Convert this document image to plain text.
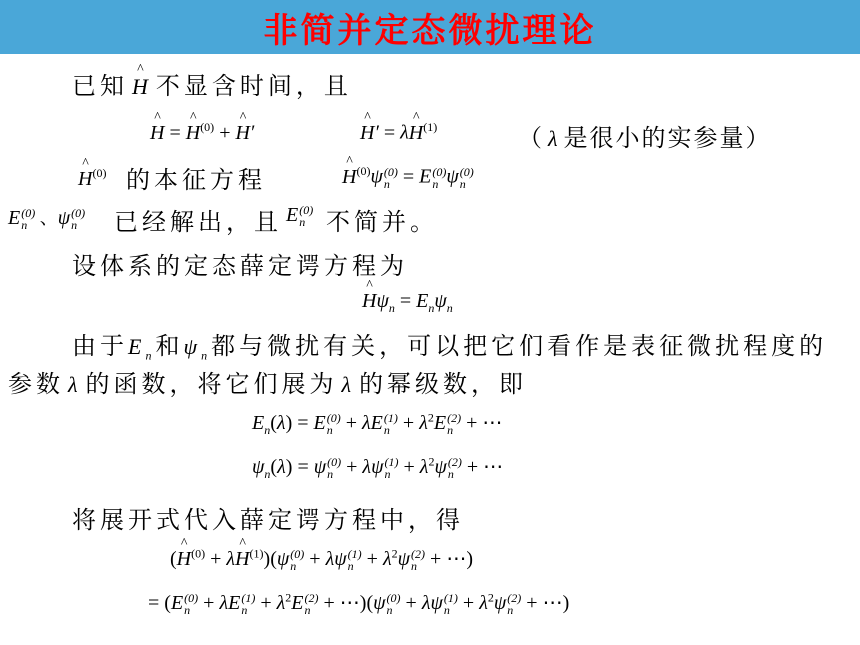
非简并定态微扰理论
已知 ^ H 不显含时间，且
^ H = ^ $H^{(0)}$ + ^ H′	^ H′ = λ^ $H^{(1)}$	（ λ 是很小的实参量）
^ $H^{(0)}$ 的本征方程	^ $H^{(0)}\psi$ (0)
n = E (0)
n ψ (0)
n
E (0)
n 、ψ (0)
n	已经解出，且 E (0)
n 不简并。
设体系的定态薛定谔方程为
^ $H\psi_n = E_n\psi_n$
由于$E_n$和$\psi_n$都与微扰有关，可以把它们看作是表征微扰程度的
参数 λ 的函数，将它们展为 λ 的幂级数，即
$E_n(\lambda) = E$ (0)
n + λE (1)
$n + \lambda^2E$ (2)
n + ⋯
$\psi_n(\lambda) = \psi$ (0)
n + λψ (1)
$n + \lambda^2\psi$ (2)
n + ⋯
将展开式代入薛定谔方程中，得
(^ $H^{(0)}$ + λ^ $H^{(1)})(\psi$ (0)
n + λψ (1)
$n + \lambda^2\psi$ (2)
n + ⋯)
= (E (0)
n + λE (1)
$n + \lambda^2E$ (2)
n + ⋯)(ψ (0)
n + λψ (1)
$n + \lambda^2\psi$ (2)
n + ⋯)
